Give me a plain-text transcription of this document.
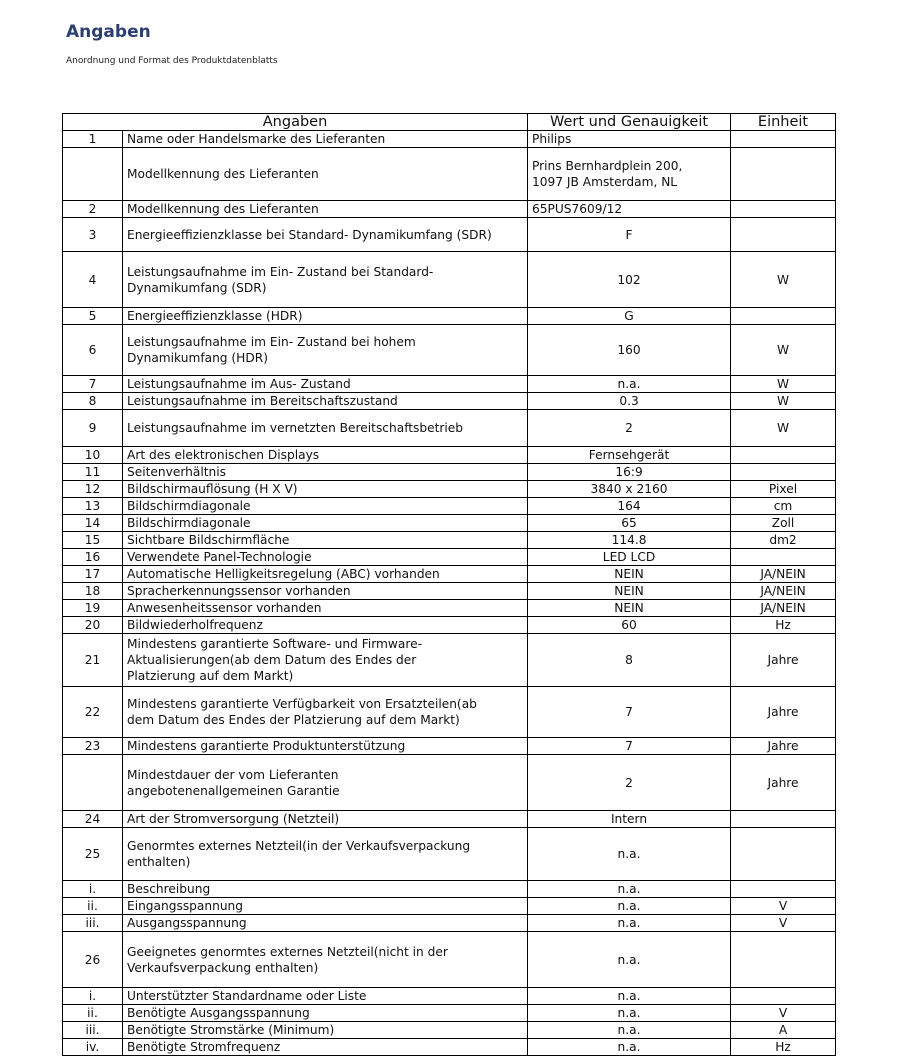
Angaben
Anordnung und Format des Produktdatenblatts
Angaben		Wert und Genauigkeit	Einheit
1	Name oder Handelsmarke des Lieferanten	Philips	
	Modellkennung des Lieferanten	Prins Bernhardplein 200,
1097 JB Amsterdam, NL	
2	Modellkennung des Lieferanten	65PUS7609/12	
3	Energieeffizienzklasse bei Standard- Dynamikumfang (SDR)	F	
4	Leistungsaufnahme im Ein- Zustand bei Standard-
Dynamikumfang (SDR)	102	W
5	Energieeffizienzklasse (HDR)	G	
6	Leistungsaufnahme im Ein- Zustand bei hohem
Dynamikumfang (HDR)	160	W
7	Leistungsaufnahme im Aus- Zustand	n.a.	W
8	Leistungsaufnahme im Bereitschaftszustand	0.3	W
9	Leistungsaufnahme im vernetzten Bereitschaftsbetrieb	2	W
10	Art des elektronischen Displays	Fernsehgerät	
11	Seitenverhältnis	16:9	
12	Bildschirmauflösung (H X V)	3840 x 2160	Pixel
13	Bildschirmdiagonale	164	cm
14	Bildschirmdiagonale	65	Zoll
15	Sichtbare Bildschirmfläche	114.8	dm2
16	Verwendete Panel-Technologie	LED LCD	
17	Automatische Helligkeitsregelung (ABC) vorhanden	NEIN	JA/NEIN
18	Spracherkennungssensor vorhanden	NEIN	JA/NEIN
19	Anwesenheitssensor vorhanden	NEIN	JA/NEIN
20	Bildwiederholfrequenz	60	Hz
21	Mindestens garantierte Software- und Firmware-
Aktualisierungen(ab dem Datum des Endes der
Platzierung auf dem Markt)	8	Jahre
22	Mindestens garantierte Verfügbarkeit von Ersatzteilen(ab
dem Datum des Endes der Platzierung auf dem Markt)	7	Jahre
23	Mindestens garantierte Produktunterstützung	7	Jahre
	Mindestdauer der vom Lieferanten
angebotenenallgemeinen Garantie	2	Jahre
24	Art der Stromversorgung (Netzteil)	Intern	
25	Genormtes externes Netzteil(in der Verkaufsverpackung
enthalten)	n.a.	
i.	Beschreibung	n.a.	
ii.	Eingangsspannung	n.a.	V
iii.	Ausgangsspannung	n.a.	V
26	Geeignetes genormtes externes Netzteil(nicht in der
Verkaufsverpackung enthalten)	n.a.	
i.	Unterstützter Standardname oder Liste	n.a.	
ii.	Benötigte Ausgangsspannung	n.a.	V
iii.	Benötigte Stromstärke (Minimum)	n.a.	A
iv.	Benötigte Stromfrequenz	n.a.	Hz
